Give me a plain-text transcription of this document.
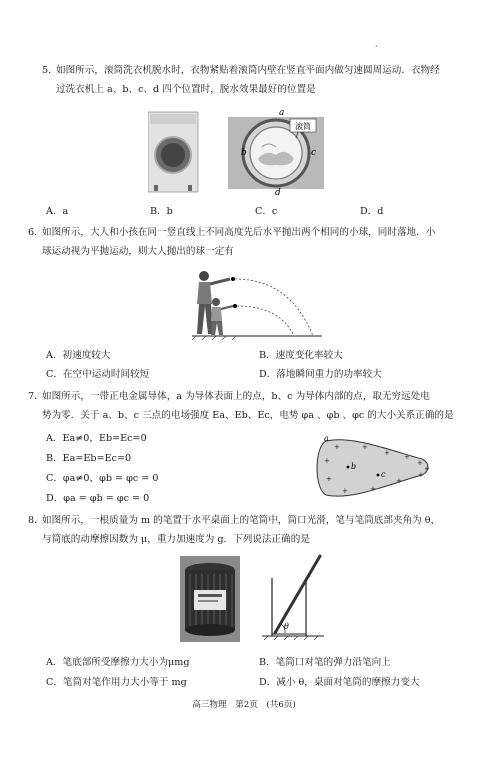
·
5．
如图所示，滚筒洗衣机脱水时，衣物紧贴着滚筒内壁在竖直平面内做匀速圆周运动．衣物经
过洗衣机上 a、b、c、d 四个位置时，脱水效果最好的位置是
滚筒
a
b	c
d
A．a	B．b	C．c	D．d
6．
如图所示，大人和小孩在同一竖直线上不同高度先后水平抛出两个相同的小球，同时落地．小
球运动视为平抛运动，则大人抛出的球一定有
A．初速度较大	B．速度变化率较大
C．在空中运动时间较短	D．落地瞬间重力的功率较大
7．
如图所示，一带正电金属导体，a 为导体表面上的点，b、c 为导体内部的点，取无穷远处电
势为零．关于 a、b、c 三点的电场强度 Ea、Eb、Ec，电势 φa 、φb 、φc 的大小关系正确的是
A．Ea≠0，Eb=Ec=0
B．Ea=Eb=Ec=0
C．φa≠0，φb = φc = 0
D．φa = φb = φc = 0
+
+
+
+
+
+ +
+
+
+
+
+
a
b
c
8．
如图所示，一根质量为 m 的笔置于水平桌面上的笔筒中，筒口光滑，笔与笔筒底部夹角为 θ，
与筒底的动摩擦因数为 μ，重力加速度为 g．下列说法正确的是
θ
A．笔底部所受摩擦力大小为μmg	B．笔筒口对笔的弹力沿笔向上
C．笔筒对笔作用力大小等于 mg	D．减小 θ，桌面对笔筒的摩擦力变大
高三物理　第2页　(共6页)
